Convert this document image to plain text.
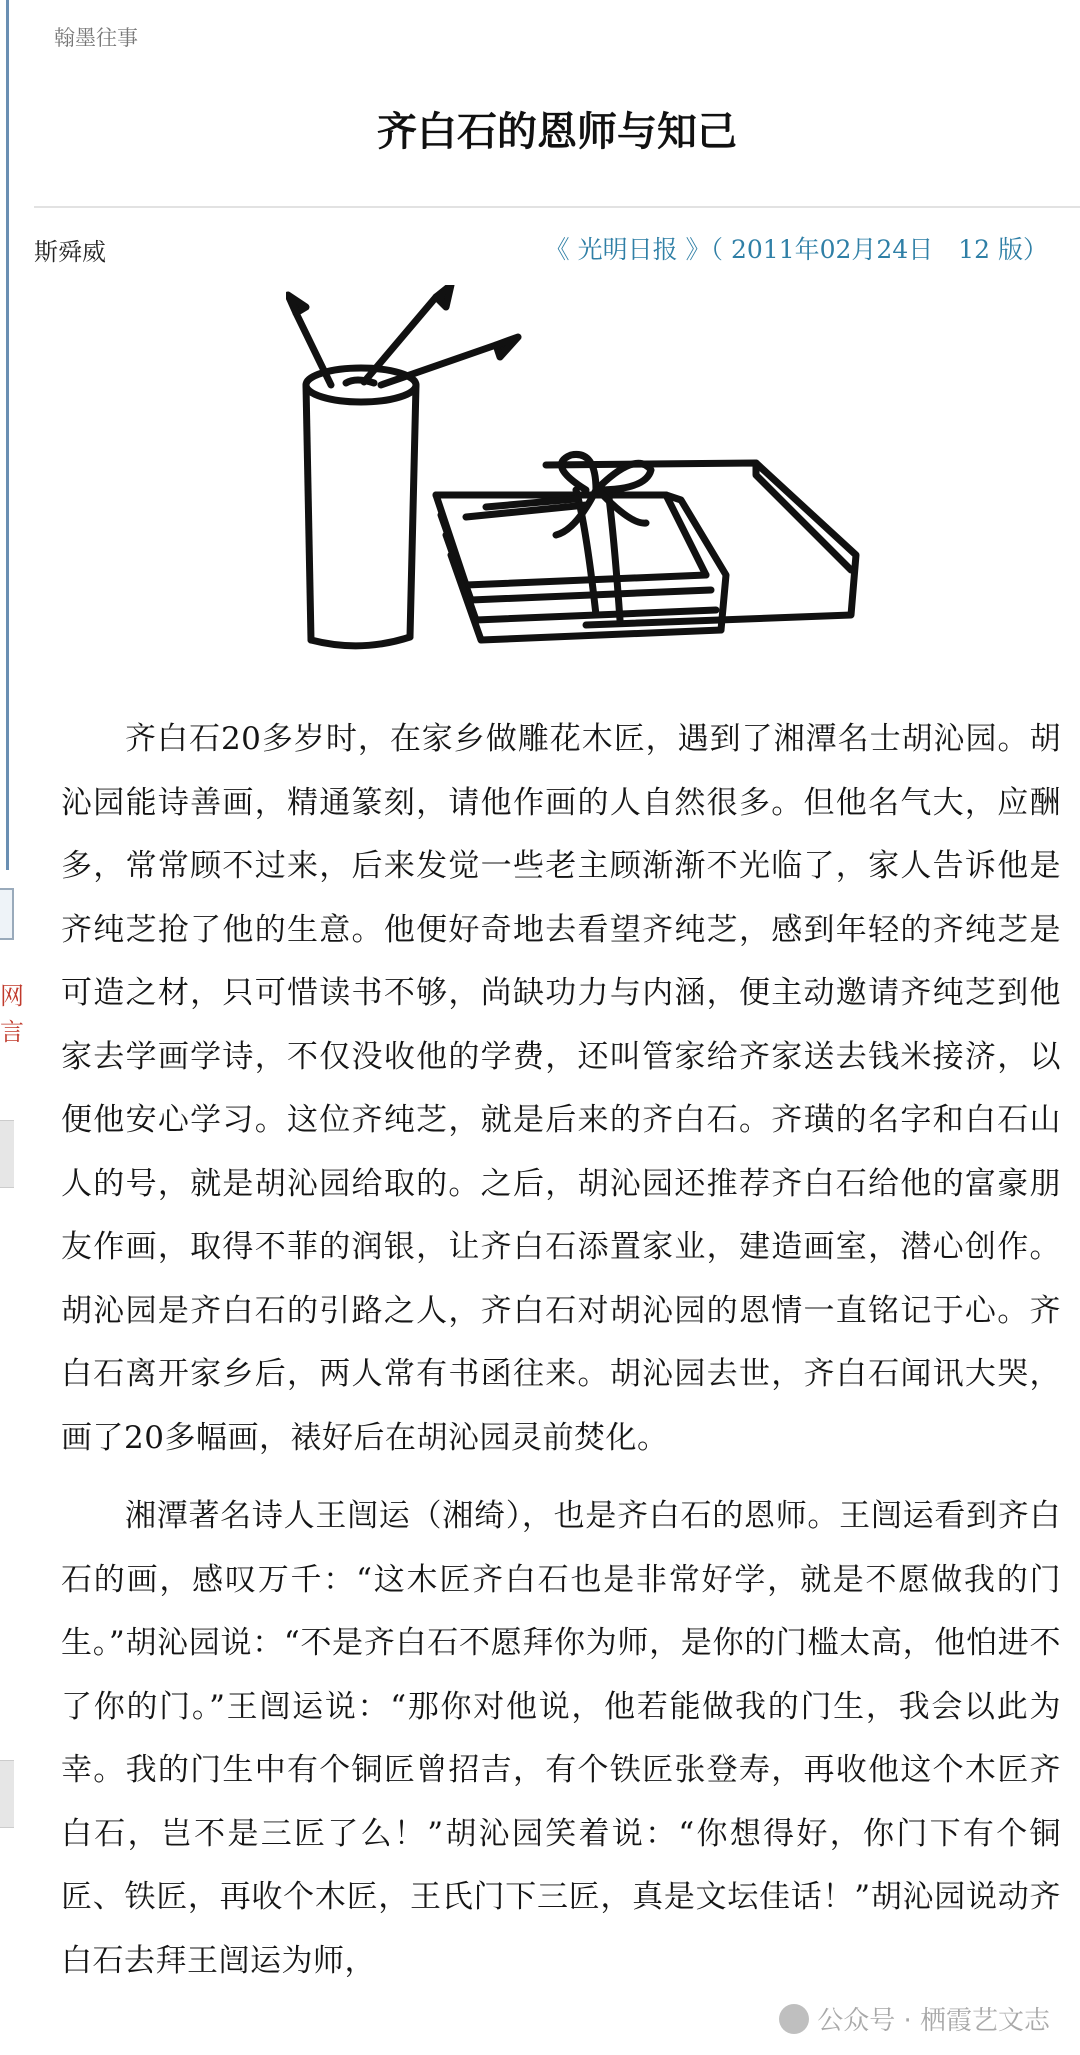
网
言
翰墨往事
齐白石的恩师与知己
斯舜威	《 光明日报 》（ 2011年02月24日　12 版）

齐白石20多岁时，在家乡做雕花木匠，遇到了湘潭名士胡沁园。胡沁园能诗善画，精通篆刻，请他作画的人自然很多。但他名气大，应酬多，常常顾不过来，后来发觉一些老主顾渐渐不光临了，家人告诉他是齐纯芝抢了他的生意。他便好奇地去看望齐纯芝，感到年轻的齐纯芝是可造之材，只可惜读书不够，尚缺功力与内涵，便主动邀请齐纯芝到他家去学画学诗，不仅没收他的学费，还叫管家给齐家送去钱米接济，以便他安心学习。这位齐纯芝，就是后来的齐白石。齐璜的名字和白石山人的号，就是胡沁园给取的。之后，胡沁园还推荐齐白石给他的富豪朋友作画，取得不菲的润银，让齐白石添置家业，建造画室，潜心创作。胡沁园是齐白石的引路之人，齐白石对胡沁园的恩情一直铭记于心。齐白石离开家乡后，两人常有书函往来。胡沁园去世，齐白石闻讯大哭，画了20多幅画，裱好后在胡沁园灵前焚化。

湘潭著名诗人王闿运（湘绮），也是齐白石的恩师。王闿运看到齐白石的画，感叹万千：“这木匠齐白石也是非常好学，就是不愿做我的门生。”胡沁园说：“不是齐白石不愿拜你为师，是你的门槛太高，他怕进不了你的门。”王闿运说：“那你对他说，他若能做我的门生，我会以此为幸。我的门生中有个铜匠曾招吉，有个铁匠张登寿，再收他这个木匠齐白石，岂不是三匠了么！”胡沁园笑着说：“你想得好，你门下有个铜匠、铁匠，再收个木匠，王氏门下三匠，真是文坛佳话！”胡沁园说动齐白石去拜王闿运为师，

公众号 · 栖霞艺文志
